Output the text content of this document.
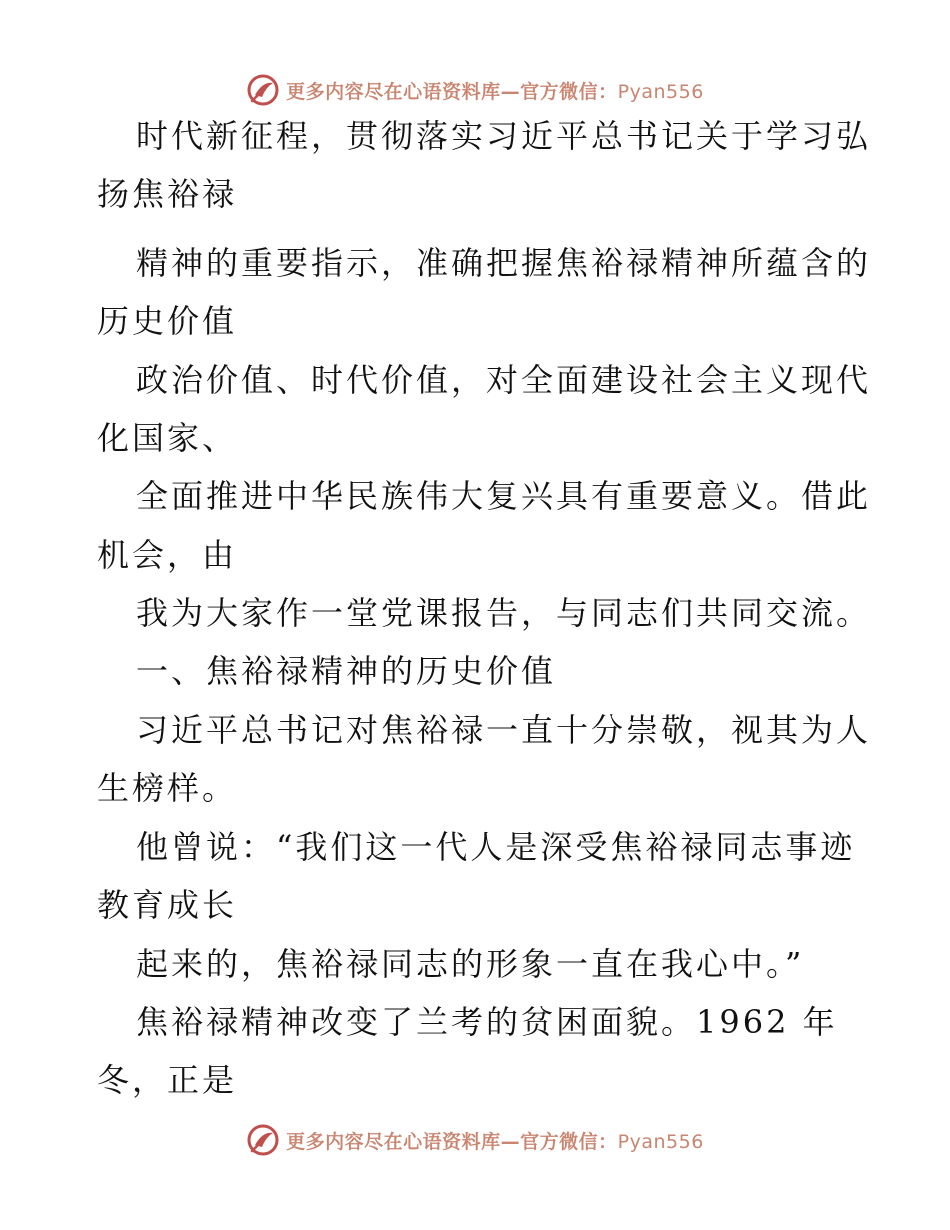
更多内容尽在心语资料库—官方微信：Pyan556
时代新征程，贯彻落实习近平总书记关于学习弘
扬焦裕禄
精神的重要指示，准确把握焦裕禄精神所蕴含的
历史价值
政治价值、时代价值，对全面建设社会主义现代
化国家、
全面推进中华民族伟大复兴具有重要意义。借此
机会，由
我为大家作一堂党课报告，与同志们共同交流。
一、焦裕禄精神的历史价值
习近平总书记对焦裕禄一直十分崇敬，视其为人
生榜样。
他曾说：“我们这一代人是深受焦裕禄同志事迹
教育成长
起来的，焦裕禄同志的形象一直在我心中。”
焦裕禄精神改变了兰考的贫困面貌。1962 年
冬，正是
更多内容尽在心语资料库—官方微信：Pyan556
